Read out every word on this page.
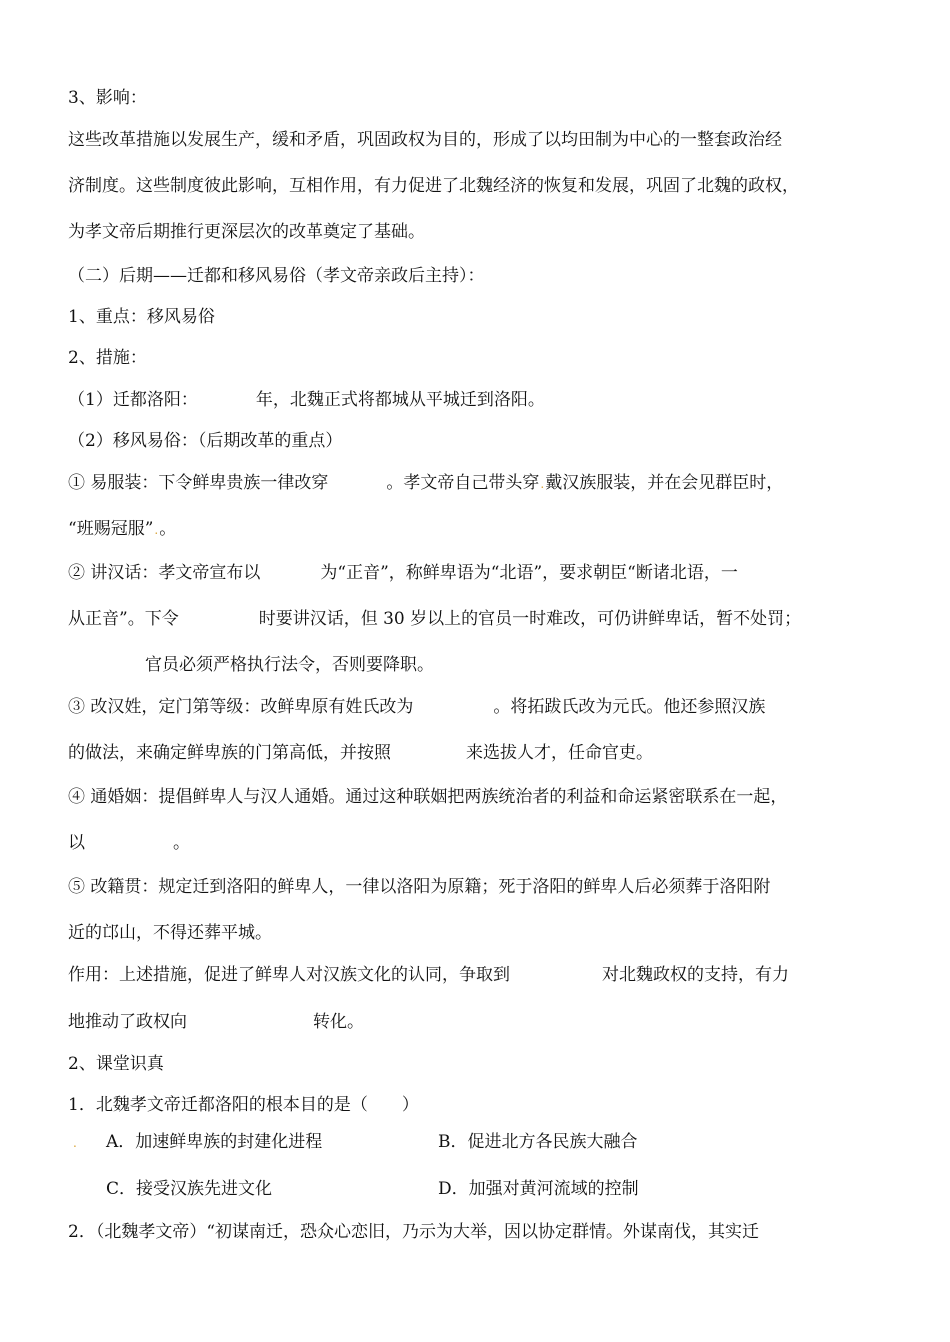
3、影响：
这些改革措施以发展生产，缓和矛盾，巩固政权为目的，形成了以均田制为中心的一整套政治经
济制度。这些制度彼此影响，互相作用，有力促进了北魏经济的恢复和发展，巩固了北魏的政权，
为孝文帝后期推行更深层次的改革奠定了基础。
（二）后期——迁都和移风易俗（孝文帝亲政后主持）：
1、重点：移风易俗
2、措施：
（1）迁都洛阳：	年，北魏正式将都城从平城迁到洛阳。
（2）移风易俗：（后期改革的重点）
① 易服装：下令鲜卑贵族一律改穿	。孝文帝自己带头穿.戴汉族服装，并在会见群臣时，
“班赐冠服”.。
② 讲汉话：孝文帝宣布以	为“正音”，称鲜卑语为“北语”，要求朝臣“断诸北语，一
从正音”。下令	时要讲汉话，但 30 岁以上的官员一时难改，可仍讲鲜卑话，暂不处罚；
官员必须严格执行法令，否则要降职。
③ 改汉姓，定门第等级：改鲜卑原有姓氏改为	。将拓跋氏改为元氏。他还参照汉族
的做法，来确定鲜卑族的门第高低，并按照	来选拔人才，任命官吏。
④ 通婚姻：提倡鲜卑人与汉人通婚。通过这种联姻把两族统治者的利益和命运紧密联系在一起，
以	。
⑤ 改籍贯：规定迁到洛阳的鲜卑人，一律以洛阳为原籍；死于洛阳的鲜卑人后必须葬于洛阳附
近的邙山，不得还葬平城。
作用：上述措施，促进了鲜卑人对汉族文化的认同，争取到	对北魏政权的支持，有力
地推动了政权向	转化。
2、课堂识真
1．北魏孝文帝迁都洛阳的根本目的是（　　）
. A．加速鲜卑族的封建化进程	B．促进北方各民族大融合
C．接受汉族先进文化	D．加强对黄河流域的控制
2．（北魏孝文帝）“初谋南迁，恐众心恋旧，乃示为大举，因以协定群情。外谋南伐，其实迁
